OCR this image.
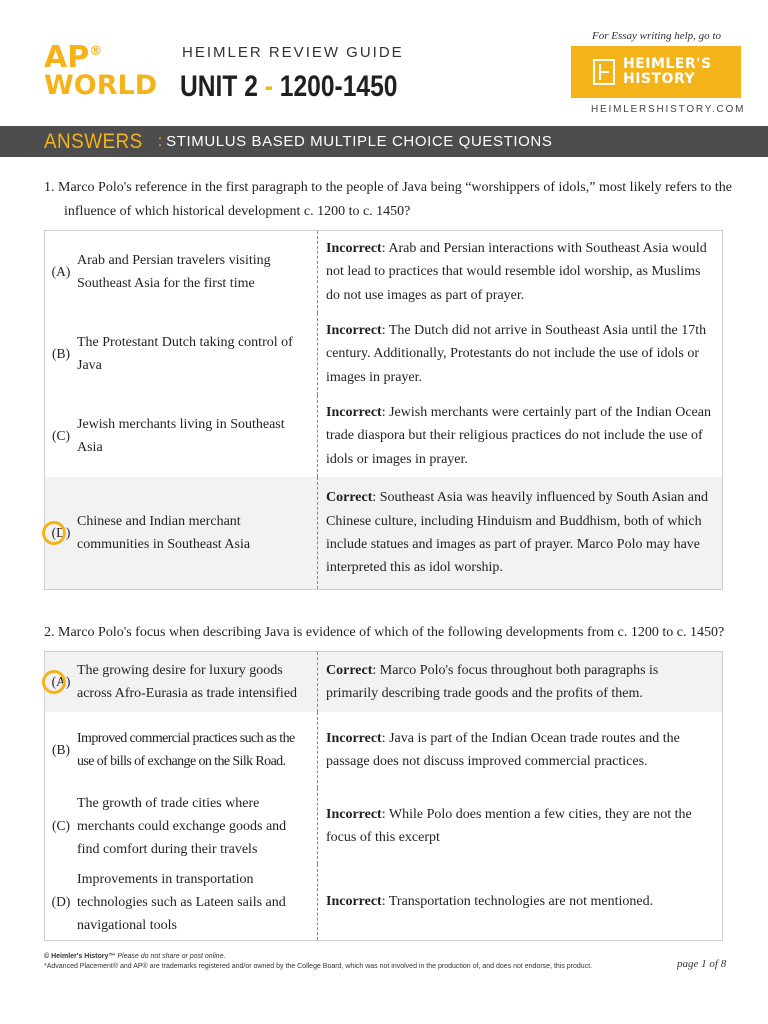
AP®
WORLD
HEIMLER REVIEW GUIDE
UNIT 2 - 1200-1450
For Essay writing help, go to
HEIMLER'S
HISTORY
HEIMLERSHISTORY.COM
ANSWERS : STIMULUS BASED MULTIPLE CHOICE QUESTIONS
1. Marco Polo's reference in the first paragraph to the people of Java being “worshippers of idols,” most likely refers to the influence of which historical development c. 1200 to c. 1450?
(A)
Arab and Persian travelers visiting Southeast Asia for the first time
Incorrect: Arab and Persian interactions with Southeast Asia would not lead to practices that would resemble idol worship, as Muslims do not use images as part of prayer.
(B)
The Protestant Dutch taking control of Java
Incorrect: The Dutch did not arrive in Southeast Asia until the 17th century. Additionally, Protestants do not include the use of idols or images in prayer.
(C)
Jewish merchants living in Southeast Asia
Incorrect: Jewish merchants were certainly part of the Indian Ocean trade diaspora but their religious practices do not include the use of idols or images in prayer.
(D)
Chinese and Indian merchant communities in Southeast Asia
Correct: Southeast Asia was heavily influenced by South Asian and Chinese culture, including Hinduism and Buddhism, both of which include statues and images as part of prayer. Marco Polo may have interpreted this as idol worship.
2. Marco Polo's focus when describing Java is evidence of which of the following developments from c. 1200 to c. 1450?
(A)
The growing desire for luxury goods across Afro-Eurasia as trade intensified
Correct: Marco Polo's focus throughout both paragraphs is primarily describing trade goods and the profits of them.
(B)
Improved commercial practices such as the use of bills of exchange on the Silk Road.
Incorrect: Java is part of the Indian Ocean trade routes and the passage does not discuss improved commercial practices.
(C)
The growth of trade cities where merchants could exchange goods and find comfort during their travels
Incorrect: While Polo does mention a few cities, they are not the focus of this excerpt
(D)
Improvements in transportation technologies such as Lateen sails and navigational tools
Incorrect: Transportation technologies are not mentioned.
© Heimler's History™ Please do not share or post online.
*Advanced Placement® and AP® are trademarks registered and/or owned by the College Board, which was not involved in the production of, and does not endorse, this product.	page 1 of 8
